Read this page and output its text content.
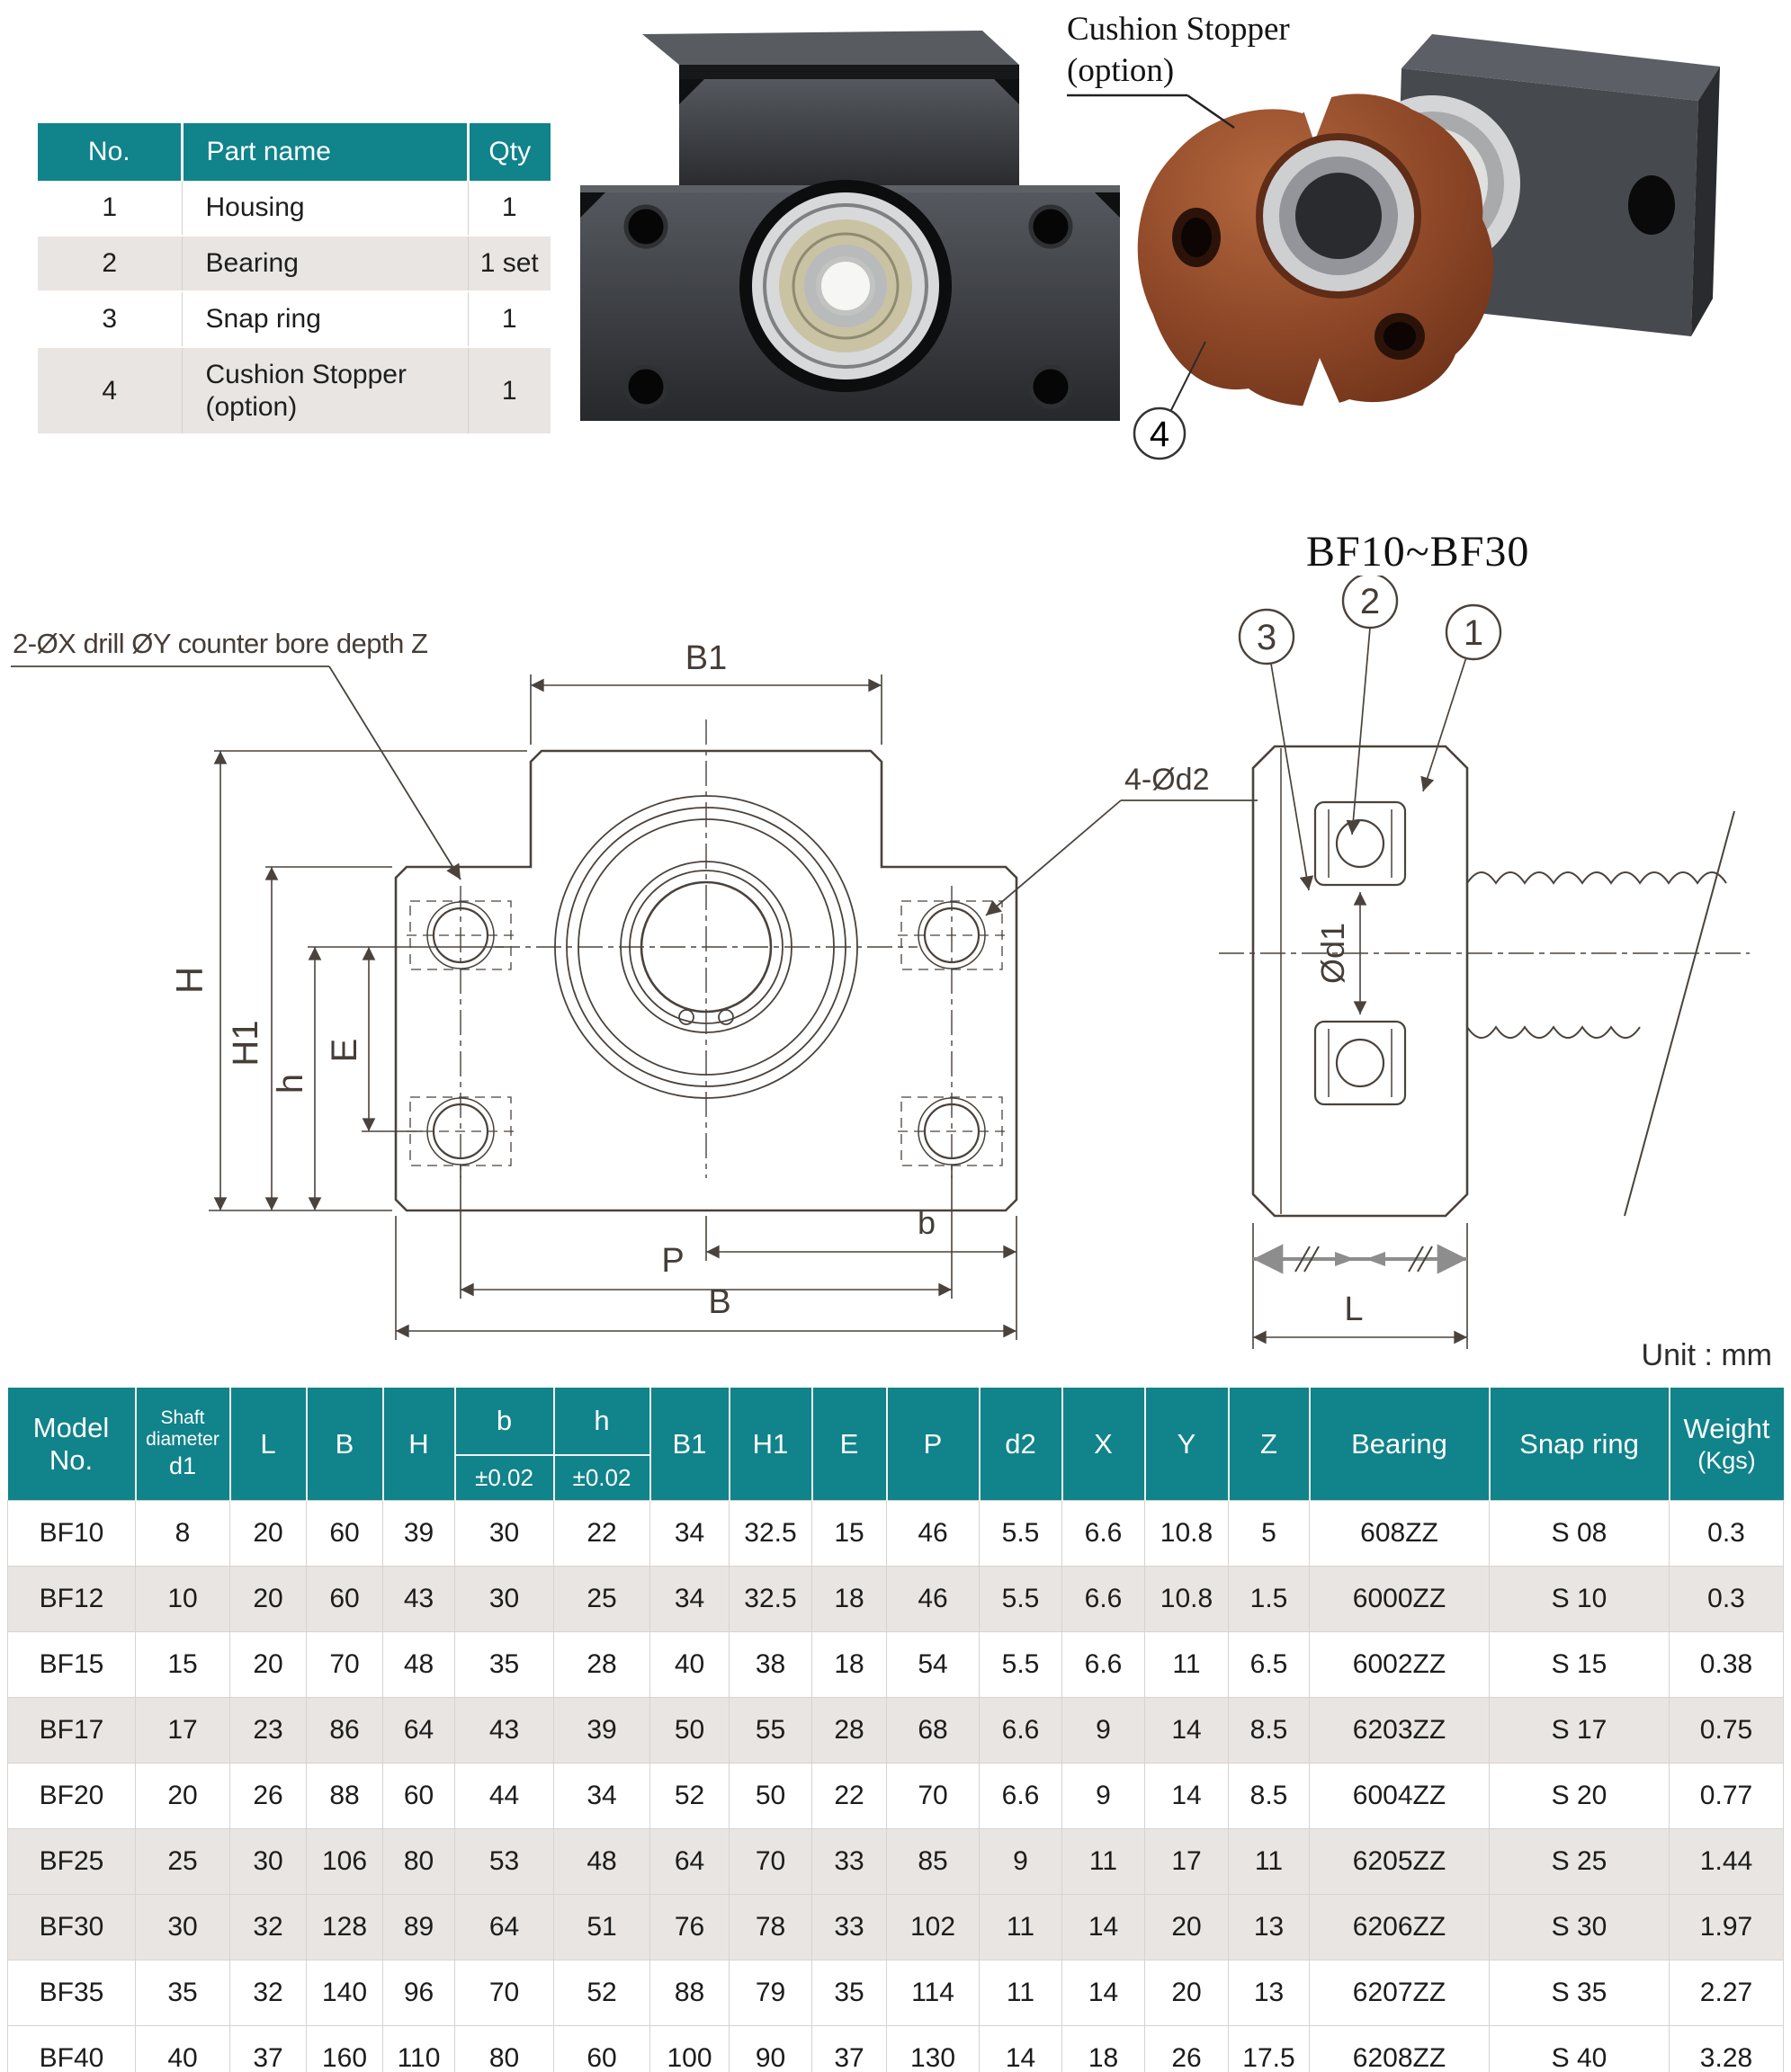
No.	Part name	Qty
1	Housing	1
2	Bearing	1 set
3	Snap ring	1
4	Cushion Stopper (option)	1
4
Cushion Stopper
(option)
BF10~BF30
2-ØX drill ØY counter bore depth Z	B1
4-Ød2
H
H1
h
E
b
P
B
Ød1
3
2
1
L
Unit : mm
Model No.

Shaft diameter
d1

L	B	H

b
±0.02

h
±0.02

B1	H1	E	P	d2	X	Y	Z	Bearing	Snap ring	Weight
(Kgs)

BF10	8	20	60	39	30	22	34	32.5	15	46	5.5	6.6	10.8	5	608ZZ	S 08	0.3
BF12	10	20	60	43	30	25	34	32.5	18	46	5.5	6.6	10.8	1.5	6000ZZ	S 10	0.3
BF15	15	20	70	48	35	28	40	38	18	54	5.5	6.6	11	6.5	6002ZZ	S 15	0.38
BF17	17	23	86	64	43	39	50	55	28	68	6.6	9	14	8.5	6203ZZ	S 17	0.75
BF20	20	26	88	60	44	34	52	50	22	70	6.6	9	14	8.5	6004ZZ	S 20	0.77
BF25	25	30	106	80	53	48	64	70	33	85	9	11	17	11	6205ZZ	S 25	1.44
BF30	30	32	128	89	64	51	76	78	33	102	11	14	20	13	6206ZZ	S 30	1.97
BF35	35	32	140	96	70	52	88	79	35	114	11	14	20	13	6207ZZ	S 35	2.27
BF40	40	37	160	110	80	60	100	90	37	130	14	18	26	17.5	6208ZZ	S 40	3.28
